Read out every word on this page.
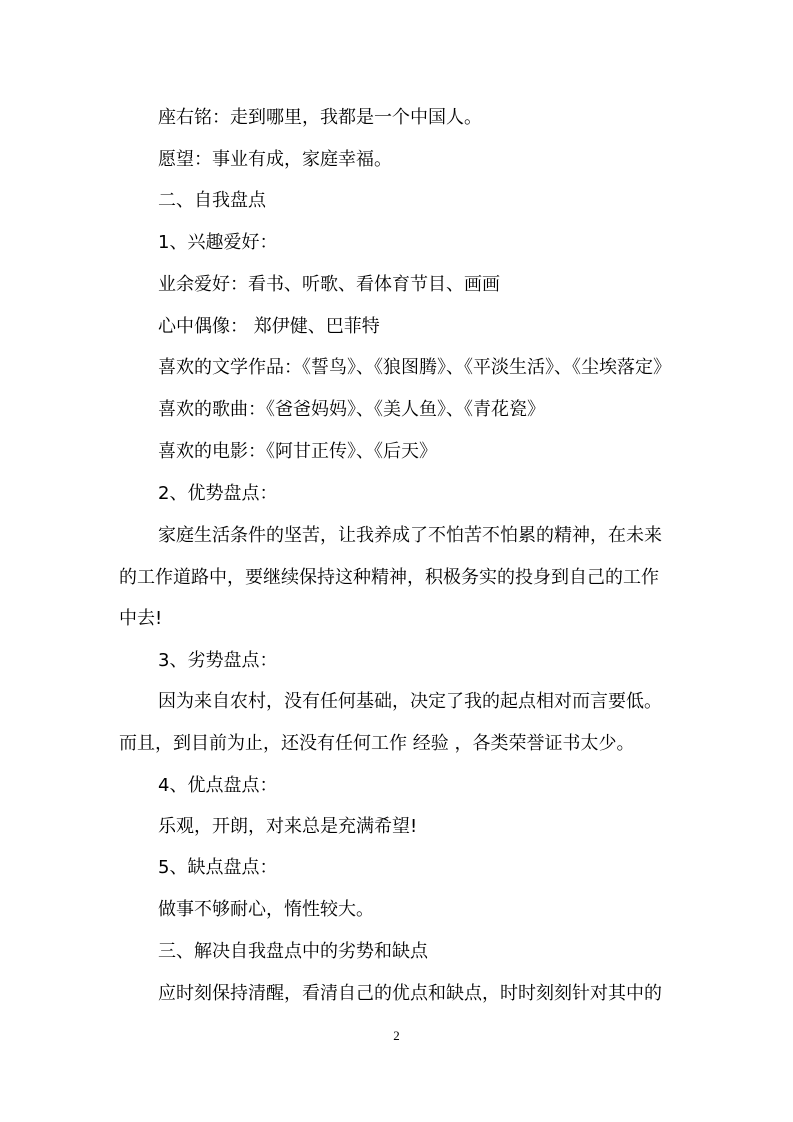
座右铭：走到哪里，我都是一个中国人。

愿望：事业有成，家庭幸福。

二、自我盘点

1、兴趣爱好：

业余爱好：看书、听歌、看体育节目、画画

心中偶像： 郑伊健、巴菲特

喜欢的文学作品：《誓鸟》、《狼图腾》、《平淡生活》、《尘埃落定》

喜欢的歌曲：《爸爸妈妈》、《美人鱼》、《青花瓷》

喜欢的电影：《阿甘正传》、《后天》

2、优势盘点：

家庭生活条件的坚苦，让我养成了不怕苦不怕累的精神，在未来

的工作道路中，要继续保持这种精神，积极务实的投身到自己的工作

中去!

3、劣势盘点：

因为来自农村，没有任何基础，决定了我的起点相对而言要低。

而且，到目前为止，还没有任何工作 经验 ，各类荣誉证书太少。

4、优点盘点：

乐观，开朗，对来总是充满希望!

5、缺点盘点：

做事不够耐心，惰性较大。

三、解决自我盘点中的劣势和缺点

应时刻保持清醒，看清自己的优点和缺点，时时刻刻针对其中的

2
